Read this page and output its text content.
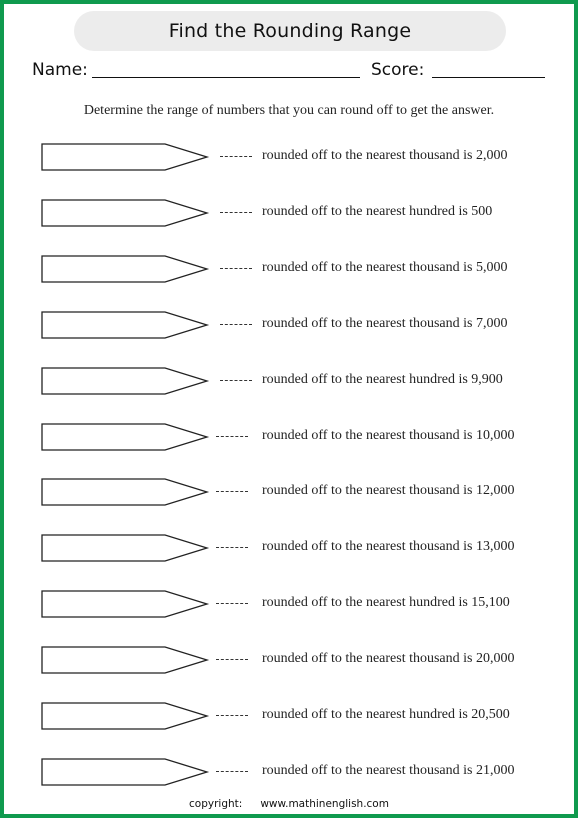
Find the Rounding Range
Name:	Score:
Determine the range of numbers that you can round off to get the answer.
rounded off to the nearest thousand is 2,000
rounded off to the nearest hundred is 500
rounded off to the nearest thousand is 5,000
rounded off to the nearest thousand is 7,000
rounded off to the nearest hundred is 9,900
rounded off to the nearest thousand is 10,000
rounded off to the nearest thousand is 12,000
rounded off to the nearest thousand is 13,000
rounded off to the nearest hundred is 15,100
rounded off to the nearest thousand is 20,000
rounded off to the nearest hundred is 20,500
rounded off to the nearest thousand is 21,000
copyright: www.mathinenglish.com
